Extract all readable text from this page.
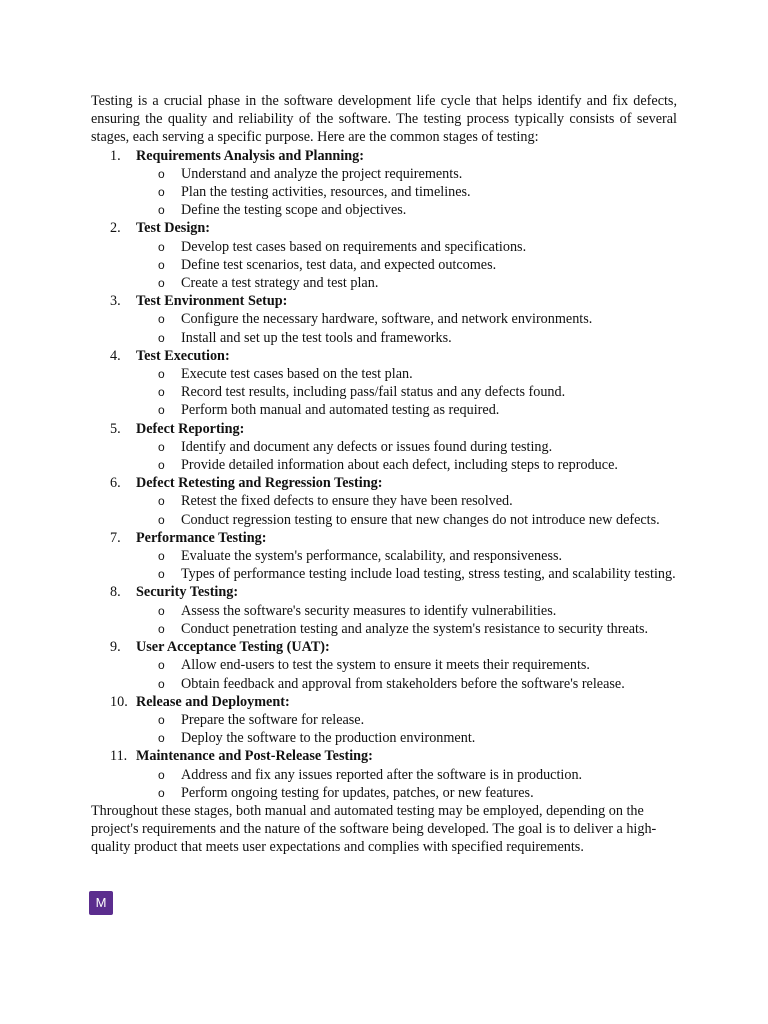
Testing is a crucial phase in the software development life cycle that helps identify and fix defects, ensuring the quality and reliability of the software. The testing process typically consists of several stages, each serving a specific purpose. Here are the common stages of testing:

1.	Requirements Analysis and Planning:
o Understand and analyze the project requirements.
o Plan the testing activities, resources, and timelines.
o Define the testing scope and objectives.
2.	Test Design:
o Develop test cases based on requirements and specifications.
o Define test scenarios, test data, and expected outcomes.
o Create a test strategy and test plan.
3.	Test Environment Setup:
o Configure the necessary hardware, software, and network environments.
o Install and set up the test tools and frameworks.
4.	Test Execution:
o Execute test cases based on the test plan.
o Record test results, including pass/fail status and any defects found.
o Perform both manual and automated testing as required.
5.	Defect Reporting:
o Identify and document any defects or issues found during testing.
o Provide detailed information about each defect, including steps to reproduce.
6.	Defect Retesting and Regression Testing:
o Retest the fixed defects to ensure they have been resolved.
o Conduct regression testing to ensure that new changes do not introduce new defects.
7.	Performance Testing:
o Evaluate the system's performance, scalability, and responsiveness.
o Types of performance testing include load testing, stress testing, and scalability testing.
8.	Security Testing:
o Assess the software's security measures to identify vulnerabilities.
o Conduct penetration testing and analyze the system's resistance to security threats.
9.	User Acceptance Testing (UAT):
o Allow end-users to test the system to ensure it meets their requirements.
o Obtain feedback and approval from stakeholders before the software's release.
10. Release and Deployment:
o Prepare the software for release.
o Deploy the software to the production environment.
11. Maintenance and Post-Release Testing:
o Address and fix any issues reported after the software is in production.
o Perform ongoing testing for updates, patches, or new features.

Throughout these stages, both manual and automated testing may be employed, depending on the project's requirements and the nature of the software being developed. The goal is to deliver a high-quality product that meets user expectations and complies with specified requirements.

M
